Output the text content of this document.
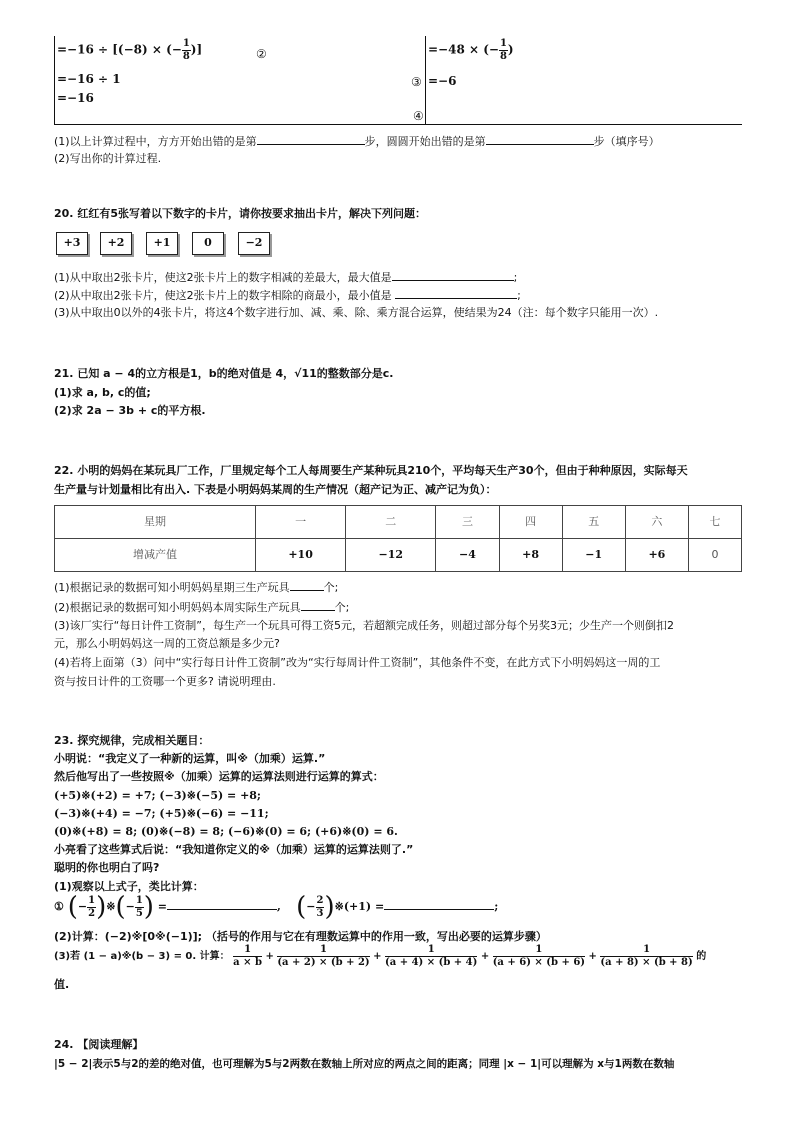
=−16 ÷ [(−8) × (− $\frac{1}{8}$ )]	②
=−16 ÷ 1
=−16
=−48 × (− $\frac{1}{8}$ )
③ =−6
④
(1)以上计算过程中，方方开始出错的是第	步，圆圆开始出错的是第	步（填序号）
(2)写出你的计算过程.
20. 红红有5张写着以下数字的卡片，请你按要求抽出卡片，解决下列问题：
+3	+2	+1	0	−2
(1)从中取出2张卡片，使这2张卡片上的数字相减的差最大，最大值是	;
(2)从中取出2张卡片，使这2张卡片上的数字相除的商最小，最小值是	;
(3)从中取出0以外的4张卡片，将这4个数字进行加、减、乘、除、乘方混合运算，使结果为24（注：每个数字只能用一次）.
21. 已知 a − 4的立方根是1，b的绝对值是 4，√11的整数部分是c.
(1)求 a, b, c的值;
(2)求 2a − 3b + c的平方根.
22. 小明的妈妈在某玩具厂工作，厂里规定每个工人每周要生产某种玩具210个，平均每天生产30个，但由于种种原因，实际每天
生产量与计划量相比有出入. 下表是小明妈妈某周的生产情况（超产记为正、减产记为负）：
星期	一	二	三	四	五	六	七
增减产值	+10	−12	−4	+8	−1	+6	0
(1)根据记录的数据可知小明妈妈星期三生产玩具	个;
(2)根据记录的数据可知小明妈妈本周实际生产玩具	个;
(3)该厂实行“每日计件工资制”，每生产一个玩具可得工资5元，若超额完成任务，则超过部分每个另奖3元；少生产一个则倒扣2
元，那么小明妈妈这一周的工资总额是多少元?
(4)若将上面第（3）问中“实行每日计件工资制”改为“实行每周计件工资制”，其他条件不变，在此方式下小明妈妈这一周的工
资与按日计件的工资哪一个更多? 请说明理由.
23. 探究规律，完成相关题目：
小明说：“我定义了一种新的运算，叫※（加乘）运算.”
然后他写出了一些按照※（加乘）运算的运算法则进行运算的算式：
(+5)※(+2) = +7; (−3)※(−5) = +8;
(−3)※(+4) = −7; (+5)※(−6) = −11;
(0)※(+8) = 8; (0)※(−8) = 8; (−6)※(0) = 6; (+6)※(0) = 6.
小亮看了这些算式后说：“我知道你定义的※（加乘）运算的运算法则了.”
聪明的你也明白了吗?
(1)观察以上式子，类比计算：
① (− $\frac{1}{2}$ )※(− $\frac{1}{5}$ ) =	,    (− $\frac{2}{3}$ )※(+1) =	;
(2)计算：(−2)※[0※(−1)]; （括号的作用与它在有理数运算中的作用一致，写出必要的运算步骤）
(3)若 (1 − a)※(b − 3) = 0. 计算： $\frac{1}{a \times b} + \frac{1}{(a + 2) \times (b + 2)} + \frac{1}{(a + 4) \times (b + 4)} + \frac{1}{(a + 6) \times (b + 6)} + \frac{1}{(a + 8) \times (b + 8)}$ 的
值.
24. 【阅读理解】
|5 − 2|表示5与2的差的绝对值，也可理解为5与2两数在数轴上所对应的两点之间的距离；同理 |x − 1|可以理解为 x与1两数在数轴
